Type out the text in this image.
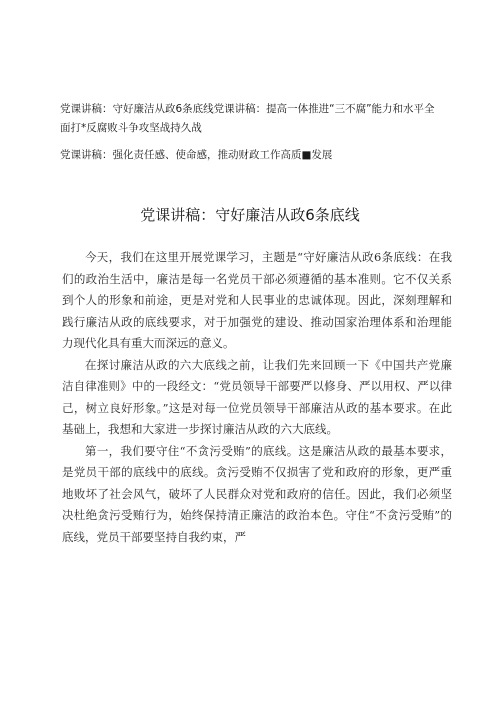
党课讲稿：守好廉洁从政6条底线党课讲稿：提高一体推进“三不腐”能力和水平全

面打*反腐败斗争攻坚战持久战

党课讲稿：强化责任感、使命感，推动财政工作高质■发展

党课讲稿：守好廉洁从政6条底线

今天，我们在这里开展党课学习，主题是“守好廉洁从政6条底线：在我们的政治生活中，廉洁是每一名党员干部必须遵循的基本准则。它不仅关系到个人的形象和前途，更是对党和人民事业的忠诚体现。因此，深刻理解和践行廉洁从政的底线要求，对于加强党的建设、推动国家治理体系和治理能力现代化具有重大而深远的意义。

在探讨廉洁从政的六大底线之前，让我们先来回顾一下《中国共产党廉洁自律准则》中的一段经文：“党员领导干部要严以修身、严以用权、严以律己，树立良好形象。”这是对每一位党员领导干部廉洁从政的基本要求。在此基础上，我想和大家进一步探讨廉洁从政的六大底线。

第一，我们要守住“不贪污受贿”的底线。这是廉洁从政的最基本要求，是党员干部的底线中的底线。贪污受贿不仅损害了党和政府的形象，更严重地败坏了社会风气，破坏了人民群众对党和政府的信任。因此，我们必须坚决杜绝贪污受贿行为，始终保持清正廉洁的政治本色。守住“不贪污受贿”的底线，党员干部要坚持自我约束，严
